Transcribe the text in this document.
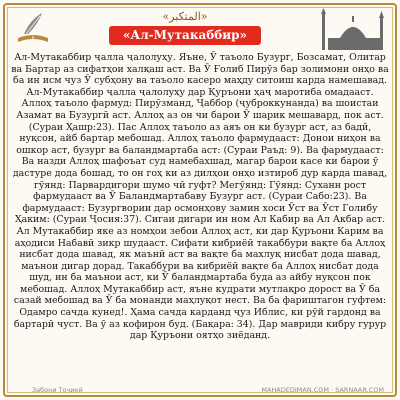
«المتكبر»

«Ал-Мутакаббир»

Ал-Мутакаббир ҷалла ҷалолуҳу. Яъне, Ӯ таъоло Бузург, Бозсамат, Олитар ва Бартар аз сифатҳои халқаш аст. Ва Ӯ Ғолиб Пирӯз бар золимони онҳо ва ба ин исм чуз Ӯ субҳону ва таъоло касеро маҳду ситоиш карда намешавад. Ал-Мутакаббир ҷалла ҷалолуҳу дар Қуръони ҳаҷ маротиба омадааст. Аллоҳ таъоло фармуд: Пирӯзманд, Ҷаббор (ҷуброккунанда) ва шоистаи Азамат ва Бузургӣ аст. Аллоҳ аз он чи барои Ӯ шарик мешавард, пок аст. (Сураи Ҳашр:23). Пас Аллоҳ таъоло аз аяъ он ки бузург аст, аз бадӣ, нуқсон, айб бартар мебошад. Аллоҳ таъоло фармудааст: Донои ниҳон ва ошкор аст, бузург ва баландмартаба аст: (Сураи Раъд: 9). Ва фармудааст: Ва назди Аллоҳ шафоъат суд намебахшад, магар барои касе ки барои ӯ дастуре дода бошад, то он гоҳ ки аз дилҳои онҳо изтироб дур карда шавад, гӯянд: Парвардигори шумо чӣ гуфт? Мегӯянд: Гӯянд: Суханн рост фармудааст ва Ӯ Баландмартабаву Бузург аст. (Сураи Сабо:23). Ва фармудааст: Бузургвории дар осмонҳову замин хоси Ӯст ва Ӯст Голибу Ҳаким: (Сураи Ҷосия:37). Сигаи дигари ин ном Ал Кабир ва Ал Акбар аст. Ал Мутакаббир яке аз номҳои зебои Аллоҳ аст, ки дар Қуръони Карим ва аҳодиси Набавӣ зикр шудааст. Сифати кибриёӣ такаббури вақте ба Аллоҳ нисбат дода шавад, як маънӣ аст ва вақте ба махлуқ нисбат дода шавад, маънои дигар дорад. Такаббури ва кибриёӣ вақте ба Аллоҳ нисбат дода шуд, ин ба маънои аст, ки Ӯ баландмартаба буда аз айбу нуқсон пок мебошад. Аллоҳ Мутакаббир аст, яъне кудрати мутлақро дорост ва Ӯ ба сазай мебошад ва Ӯ ба монанди маҳлуқот нест. Ва ба фариштагон гуфтем: Одамро сачда кунед!. Ҳама сачда карданд ҷуз Иблис, ки рӯй гардонд ва бартарӣ чуст. Ва ӯ аз кофирон буд. (Бақара: 34). Дар мавриди кибру гурур дар Қуръони оятҳо зиёданд.

Забони Тоҷикӣ	MAHADEDIMAN.COM · SARNAAR.COM
